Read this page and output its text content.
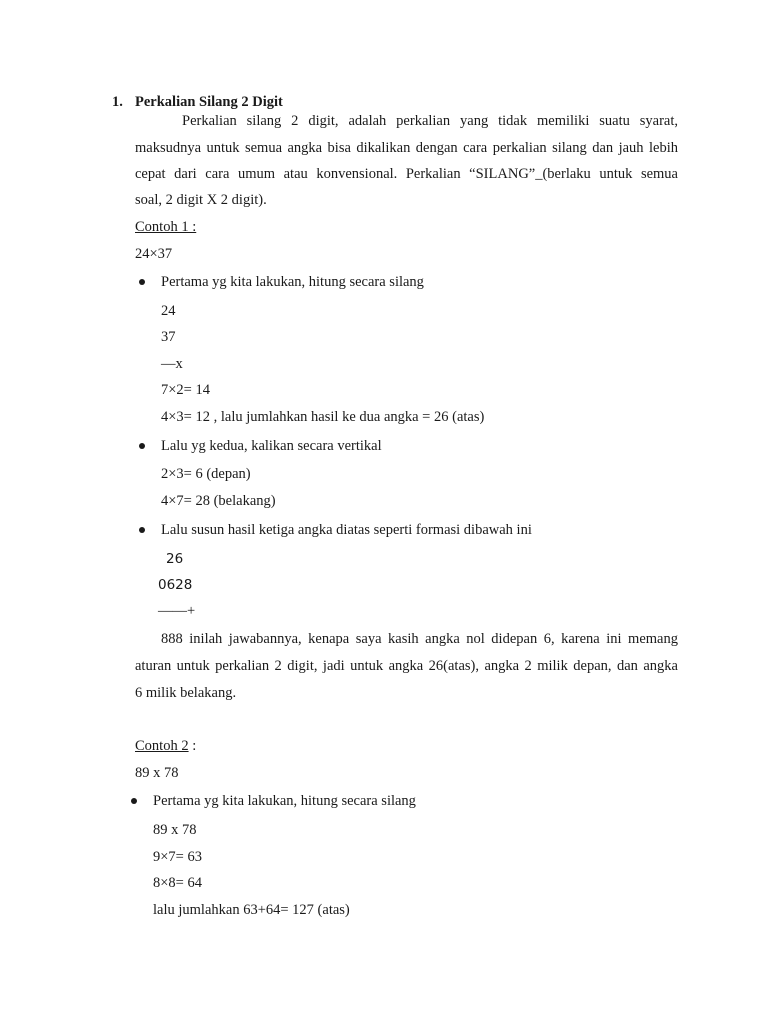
1. Perkalian Silang 2 Digit
Perkalian silang 2 digit, adalah perkalian yang tidak memiliki suatu syarat,
maksudnya untuk semua angka bisa dikalikan dengan cara perkalian silang dan jauh lebih
cepat dari cara umum atau konvensional. Perkalian “SILANG”_(berlaku untuk semua
soal, 2 digit X 2 digit).
Contoh 1 :
24×37
Pertama yg kita lakukan, hitung secara silang
24
37
—x
7×2= 14
4×3= 12 , lalu jumlahkan hasil ke dua angka = 26 (atas)
Lalu yg kedua, kalikan secara vertikal
2×3= 6 (depan)
4×7= 28 (belakang)
Lalu susun hasil ketiga angka diatas seperti formasi dibawah ini
26
0628
——+
888 inilah jawabannya, kenapa saya kasih angka nol didepan 6, karena ini memang
aturan untuk perkalian 2 digit, jadi untuk angka 26(atas), angka 2 milik depan, dan angka
6 milik belakang.
Contoh 2 :
89 x 78
Pertama yg kita lakukan, hitung secara silang
89 x 78
9×7= 63
8×8= 64
lalu jumlahkan 63+64= 127 (atas)
